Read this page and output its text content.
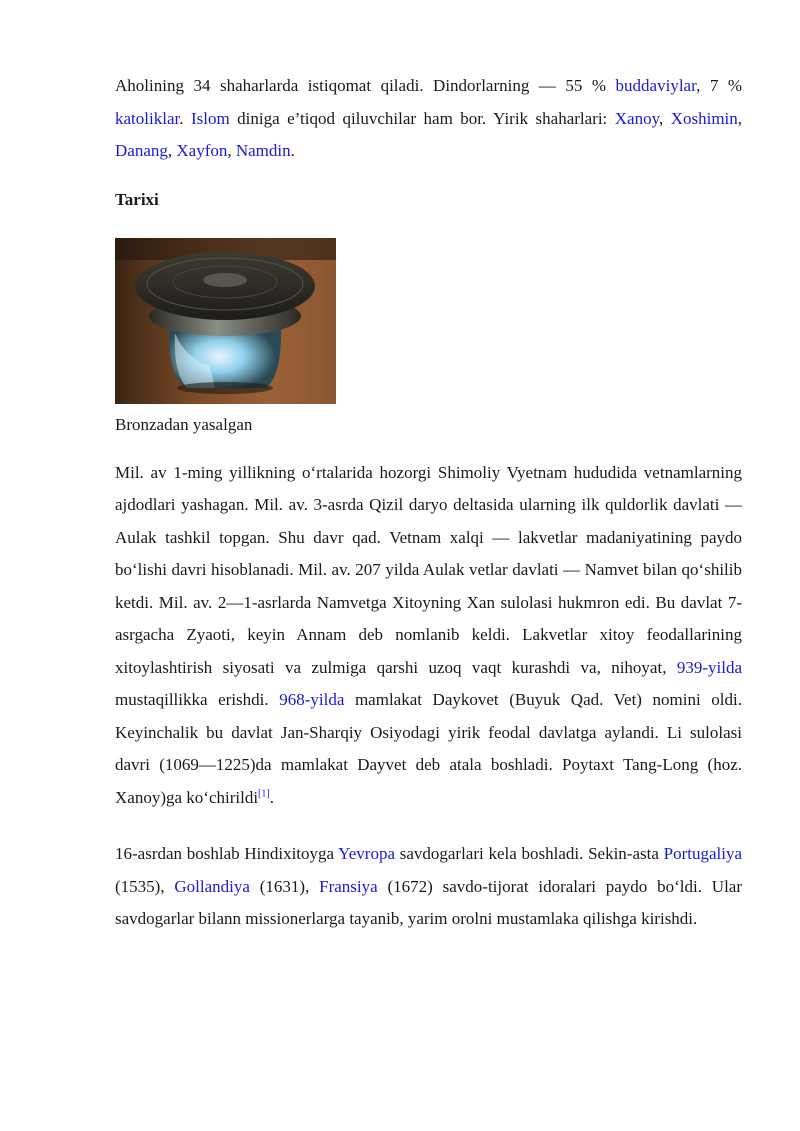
Aholining 34 shaharlarda istiqomat qiladi. Dindorlarning — 55 % buddaviylar, 7 % katoliklar. Islom diniga e’tiqod qiluvchilar ham bor. Yirik shaharlari: Xanoy, Xoshimin, Danang, Xayfon, Namdin.

Tarixi
Bronzadan yasalgan

Mil. av 1-ming yillikning o‘rtalarida hozorgi Shimoliy Vyetnam hududida vetnamlarning ajdodlari yashagan. Mil. av. 3-asrda Qizil daryo deltasida ularning ilk quldorlik davlati — Aulak tashkil topgan. Shu davr qad. Vetnam xalqi — lakvetlar madaniyatining paydo bo‘lishi davri hisoblanadi. Mil. av. 207 yilda Aulak vetlar davlati — Namvet bilan qo‘shilib ketdi. Mil. av. 2—1-asrlarda Namvetga Xitoyning Xan sulolasi hukmron edi. Bu davlat 7-asrgacha Zyaoti, keyin Annam deb nomlanib keldi. Lakvetlar xitoy feodallarining xitoylashtirish siyosati va zulmiga qarshi uzoq vaqt kurashdi va, nihoyat, 939-yilda mustaqillikka erishdi. 968-yilda mamlakat Daykovet (Buyuk Qad. Vet) nomini oldi. Keyinchalik bu davlat Jan-Sharqiy Osiyodagi yirik feodal davlatga aylandi. Li sulolasi davri (1069—1225)da mamlakat Dayvet deb atala boshladi. Poytaxt Tang-Long (hoz. Xanoy)ga ko‘chirildi[1].

16-asrdan boshlab Hindixitoyga Yevropa savdogarlari kela boshladi. Sekin-asta Portugaliya (1535), Gollandiya (1631), Fransiya (1672) savdo-tijorat idoralari paydo bo‘ldi. Ular savdogarlar bilann missionerlarga tayanib, yarim orolni mustamlaka qilishga kirishdi.
